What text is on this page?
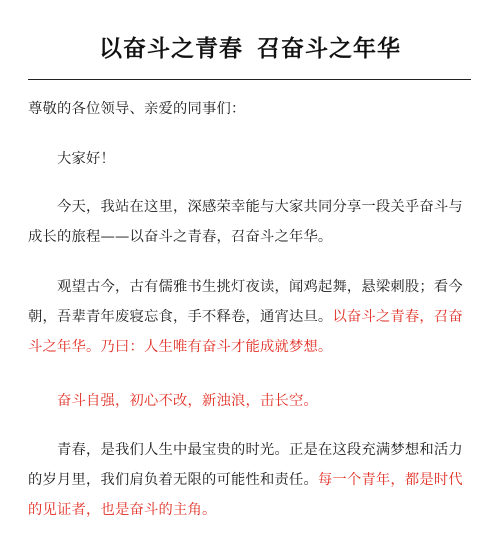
以奋斗之青春 召奋斗之年华

尊敬的各位领导、亲爱的同事们：

大家好！

今天，我站在这里，深感荣幸能与大家共同分享一段关乎奋斗与成长的旅程——以奋斗之青春，召奋斗之年华。

观望古今，古有儒雅书生挑灯夜读，闻鸡起舞，悬梁刺股；看今朝，吾辈青年废寝忘食，手不释卷，通宵达旦。以奋斗之青春，召奋斗之年华。乃曰：人生唯有奋斗才能成就梦想。

奋斗自强，初心不改，新浊浪，击长空。

青春，是我们人生中最宝贵的时光。正是在这段充满梦想和活力的岁月里，我们肩负着无限的可能性和责任。每一个青年，都是时代的见证者，也是奋斗的主角。
